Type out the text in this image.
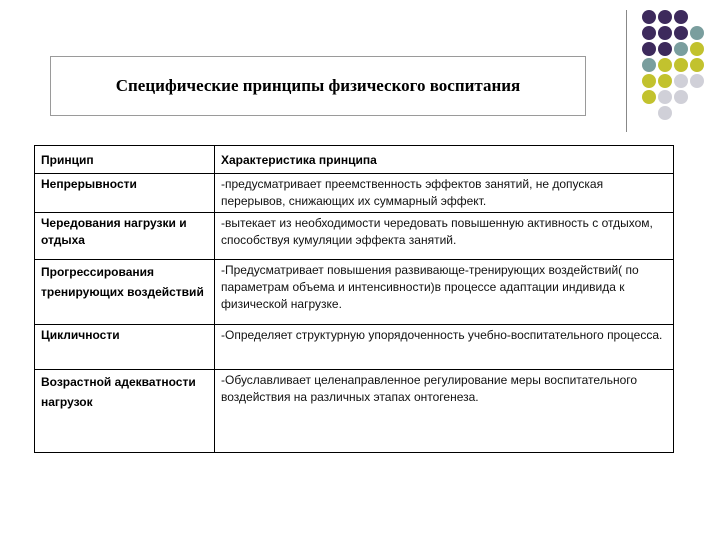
Специфические принципы физического воспитания
Принцип	Характеристика принципа
Непрерывности	-предусматривает преемственность эффектов занятий, не допуская перерывов, снижающих их суммарный эффект.
Чередования нагрузки и отдыха	-вытекает из необходимости чередовать повышенную активность с отдыхом, способствуя кумуляции эффекта занятий.

Прогрессирования тренирующих воздействий	-Предусматривает повышения развивающе-тренирующих воздействий( по параметрам объема и интенсивности)в процессе адаптации индивида к физической нагрузке.
Цикличности	-Определяет структурную упорядоченность учебно-воспитательного процесса.

Возрастной адекватности нагрузок	-Обуславливает целенаправленное регулирование меры воспитательного воздействия на различных этапах онтогенеза.
